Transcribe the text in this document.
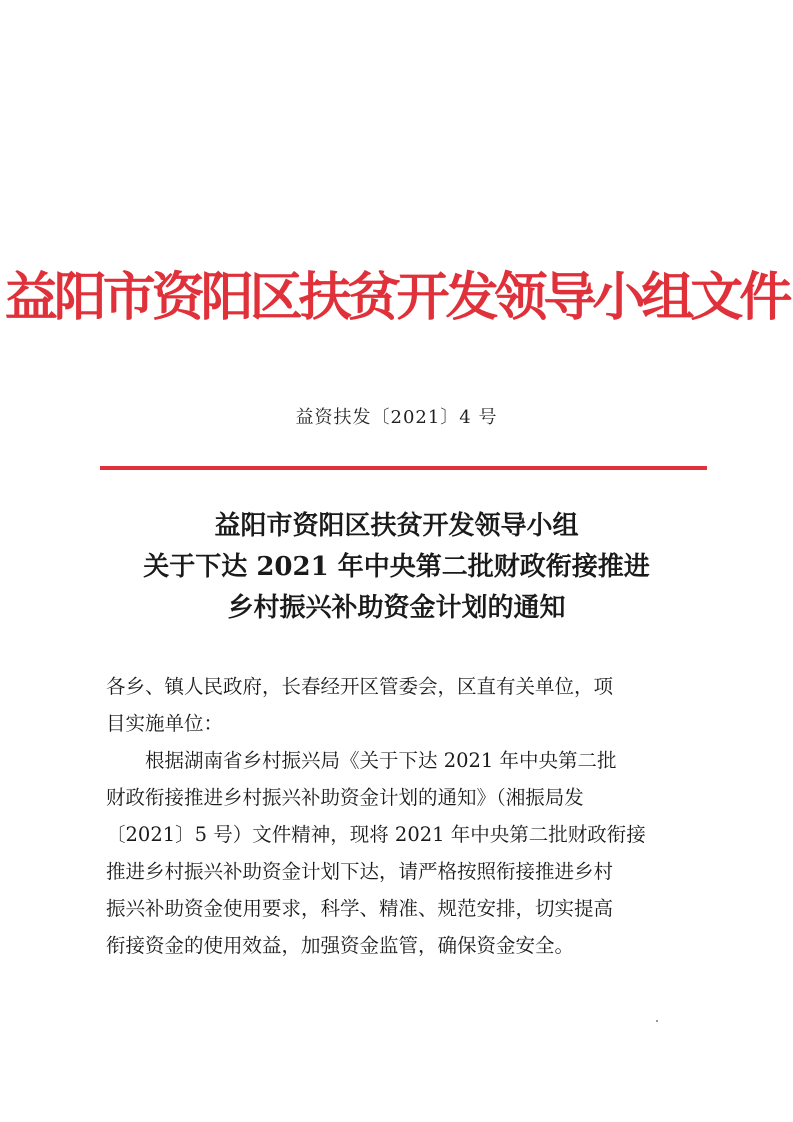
益阳市资阳区扶贫开发领导小组文件
益资扶发〔2021〕4 号
益阳市资阳区扶贫开发领导小组
关于下达 2021 年中央第二批财政衔接推进
乡村振兴补助资金计划的通知
各乡、镇人民政府，长春经开区管委会，区直有关单位，项
目实施单位：
根据湖南省乡村振兴局《关于下达 2021 年中央第二批
财政衔接推进乡村振兴补助资金计划的通知》（湘振局发
〔2021〕5 号）文件精神，现将 2021 年中央第二批财政衔接
推进乡村振兴补助资金计划下达，请严格按照衔接推进乡村
振兴补助资金使用要求，科学、精准、规范安排，切实提高
衔接资金的使用效益，加强资金监管，确保资金安全。
